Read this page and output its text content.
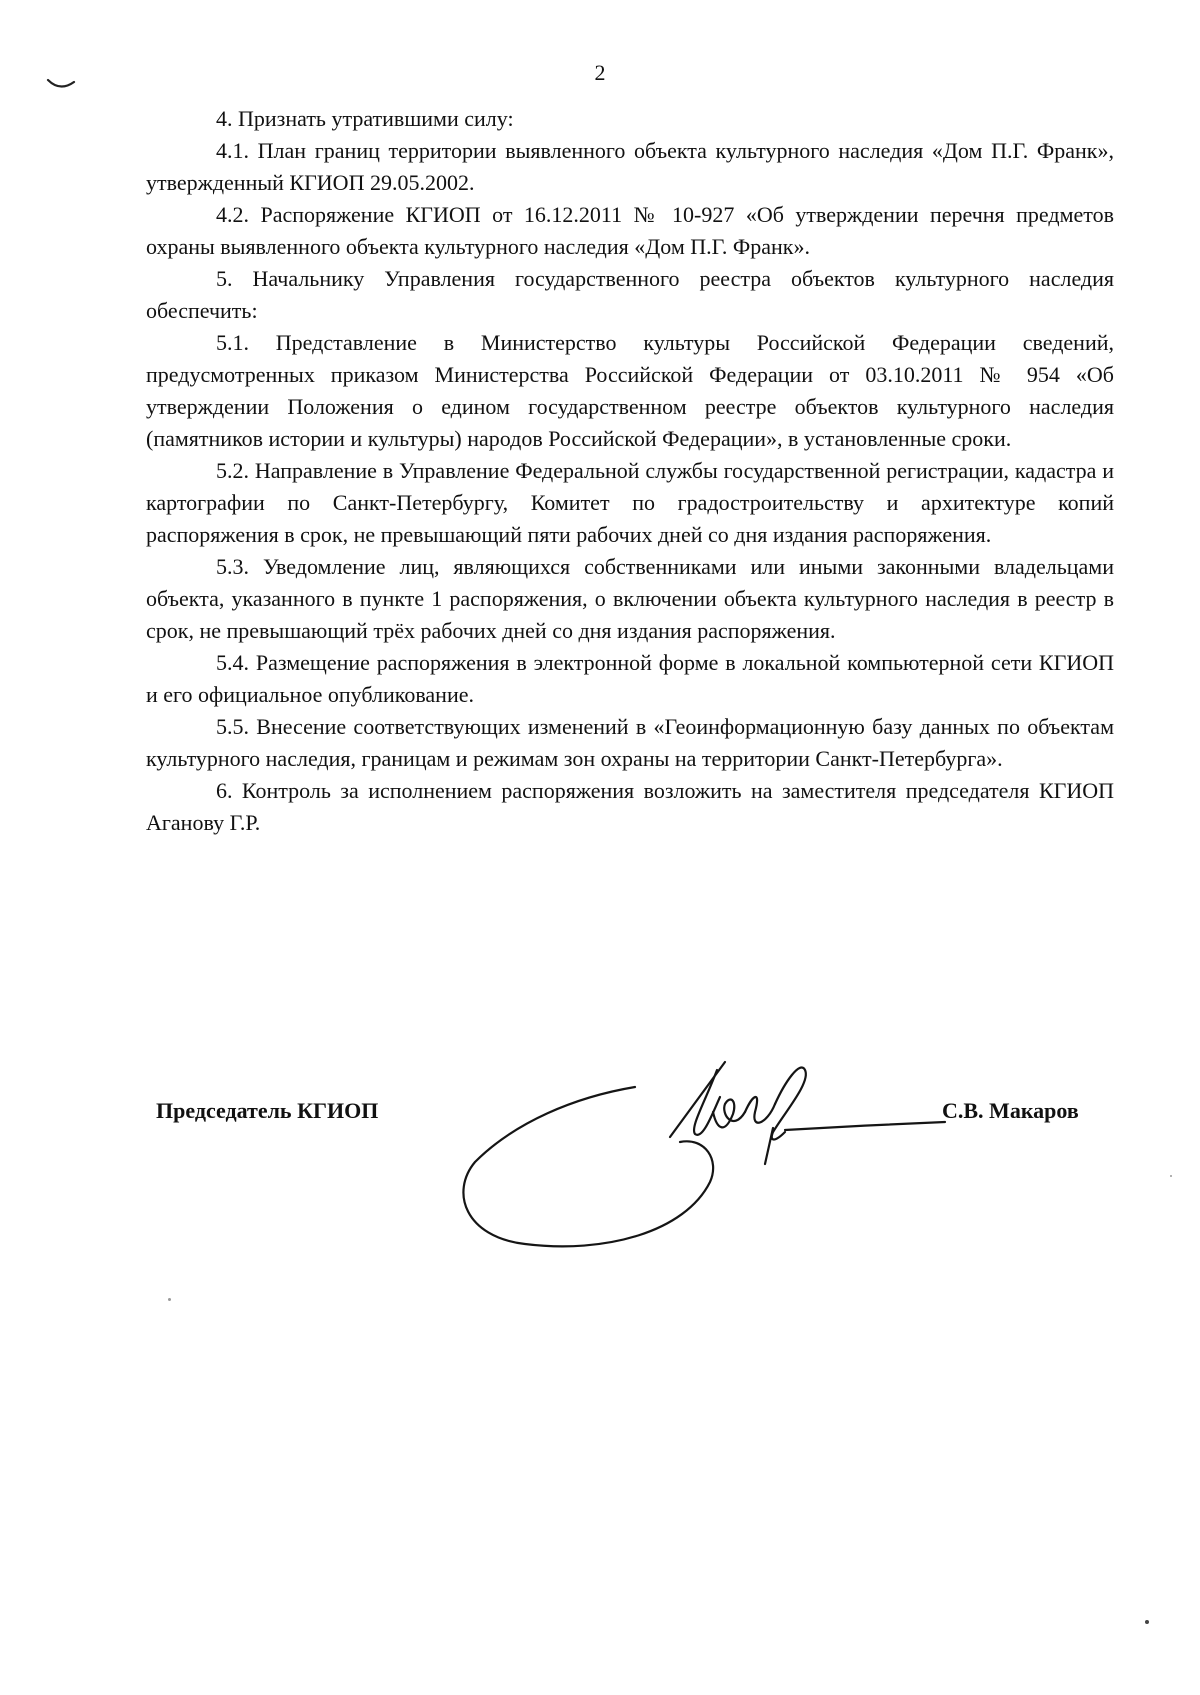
2

4. Признать утратившими силу:

4.1. План границ территории выявленного объекта культурного наследия «Дом П.Г. Франк», утвержденный КГИОП 29.05.2002.

4.2. Распоряжение КГИОП от 16.12.2011 № 10-927 «Об утверждении перечня предметов охраны выявленного объекта культурного наследия «Дом П.Г. Франк».

5. Начальнику Управления государственного реестра объектов культурного наследия обеспечить:

5.1. Представление в Министерство культуры Российской Федерации сведений, предусмотренных приказом Министерства Российской Федерации от 03.10.2011 № 954 «Об утверждении Положения о едином государственном реестре объектов культурного наследия (памятников истории и культуры) народов Российской Федерации», в установленные сроки.

5.2. Направление в Управление Федеральной службы государственной регистрации, кадастра и картографии по Санкт-Петербургу, Комитет по градостроительству и архитектуре копий распоряжения в срок, не превышающий пяти рабочих дней со дня издания распоряжения.

5.3. Уведомление лиц, являющихся собственниками или иными законными владельцами объекта, указанного в пункте 1 распоряжения, о включении объекта культурного наследия в реестр в срок, не превышающий трёх рабочих дней со дня издания распоряжения.

5.4. Размещение распоряжения в электронной форме в локальной компьютерной сети КГИОП и его официальное опубликование.

5.5. Внесение соответствующих изменений в «Геоинформационную базу данных по объектам культурного наследия, границам и режимам зон охраны на территории Санкт-Петербурга».

6. Контроль за исполнением распоряжения возложить на заместителя председателя КГИОП Аганову Г.Р.

Председатель КГИОП	С.В. Макаров
